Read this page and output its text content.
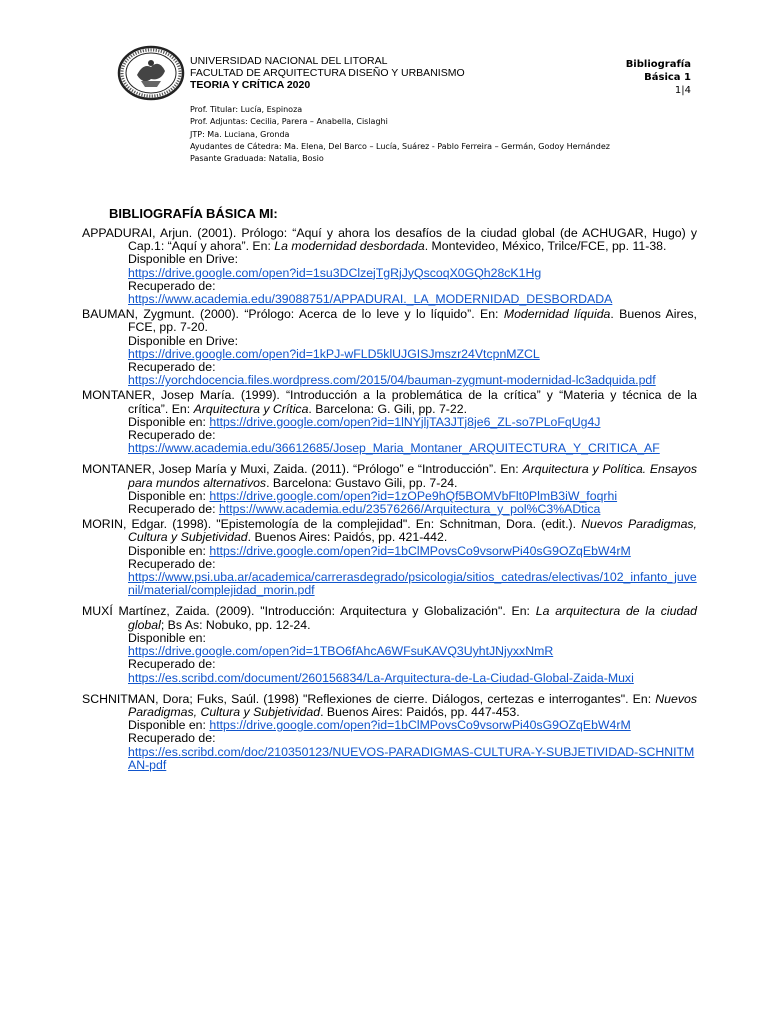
UNIVERSIDAD NACIONAL DEL LITORAL
FACULTAD DE ARQUITECTURA DISEÑO Y URBANISMO
TEORIA Y CRÍTICA 2020
Bibliografía
Básica 1
1|4
Prof. Titular: Lucía, Espinoza
Prof. Adjuntas: Cecilia, Parera – Anabella, Cislaghi
JTP: Ma. Luciana, Gronda
Ayudantes de Cátedra: Ma. Elena, Del Barco – Lucía, Suárez - Pablo Ferreira – Germán, Godoy Hernández
Pasante Graduada: Natalia, Bosio
BIBLIOGRAFÍA BÁSICA MI:
APPADURAI, Arjun. (2001). Prólogo: “Aquí y ahora los desafíos de la ciudad global (de ACHUGAR, Hugo) y Cap.1: “Aquí y ahora”. En: La modernidad desbordada. Montevideo, México, Trilce/FCE, pp. 11-38.
Disponible en Drive:
https://drive.google.com/open?id=1su3DClzejTgRjJyQscoqX0GQh28cK1Hg
Recuperado de:
https://www.academia.edu/39088751/APPADURAI._LA_MODERNIDAD_DESBORDADA
BAUMAN, Zygmunt. (2000). “Prólogo: Acerca de lo leve y lo líquido”. En: Modernidad líquida. Buenos Aires, FCE, pp. 7-20.
Disponible en Drive:
https://drive.google.com/open?id=1kPJ-wFLD5klUJGISJmszr24VtcpnMZCL
Recuperado de:
https://yorchdocencia.files.wordpress.com/2015/04/bauman-zygmunt-modernidad-lc3adquida.pdf
MONTANER, Josep María. (1999). “Introducción a la problemática de la crítica” y “Materia y técnica de la crítica”. En: Arquitectura y Crítica. Barcelona: G. Gili, pp. 7-22.
Disponible en: https://drive.google.com/open?id=1lNYjljTA3JTj8je6_ZL-so7PLoFqUg4J
Recuperado de:
https://www.academia.edu/36612685/Josep_Maria_Montaner_ARQUITECTURA_Y_CRITICA_AF
MONTANER, Josep María y Muxi, Zaida. (2011). “Prólogo” e “Introducción”. En: Arquitectura y Política. Ensayos para mundos alternativos. Barcelona: Gustavo Gili, pp. 7-24.
Disponible en: https://drive.google.com/open?id=1zOPe9hQf5BOMVbFlt0PlmB3iW_foqrhi
Recuperado de: https://www.academia.edu/23576266/Arquitectura_y_pol%C3%ADtica
MORIN, Edgar. (1998). "Epistemología de la complejidad". En: Schnitman, Dora. (edit.). Nuevos Paradigmas, Cultura y Subjetividad. Buenos Aires: Paidós, pp. 421-442.
Disponible en: https://drive.google.com/open?id=1bClMPovsCo9vsorwPi40sG9OZqEbW4rM
Recuperado de:
https://www.psi.uba.ar/academica/carrerasdegrado/psicologia/sitios_catedras/electivas/102_infanto_juvenil/material/complejidad_morin.pdf
MUXÍ Martínez, Zaida. (2009). "Introducción: Arquitectura y Globalización". En: La arquitectura de la ciudad global; Bs As: Nobuko, pp. 12-24.
Disponible en:
https://drive.google.com/open?id=1TBO6fAhcA6WFsuKAVQ3UyhtJNjyxxNmR
Recuperado de:
https://es.scribd.com/document/260156834/La-Arquitectura-de-La-Ciudad-Global-Zaida-Muxi
SCHNITMAN, Dora; Fuks, Saúl. (1998) "Reflexiones de cierre. Diálogos, certezas e interrogantes". En: Nuevos Paradigmas, Cultura y Subjetividad. Buenos Aires: Paidós, pp. 447-453.
Disponible en: https://drive.google.com/open?id=1bClMPovsCo9vsorwPi40sG9OZqEbW4rM
Recuperado de:
https://es.scribd.com/doc/210350123/NUEVOS-PARADIGMAS-CULTURA-Y-SUBJETIVIDAD-SCHNITMAN-pdf
